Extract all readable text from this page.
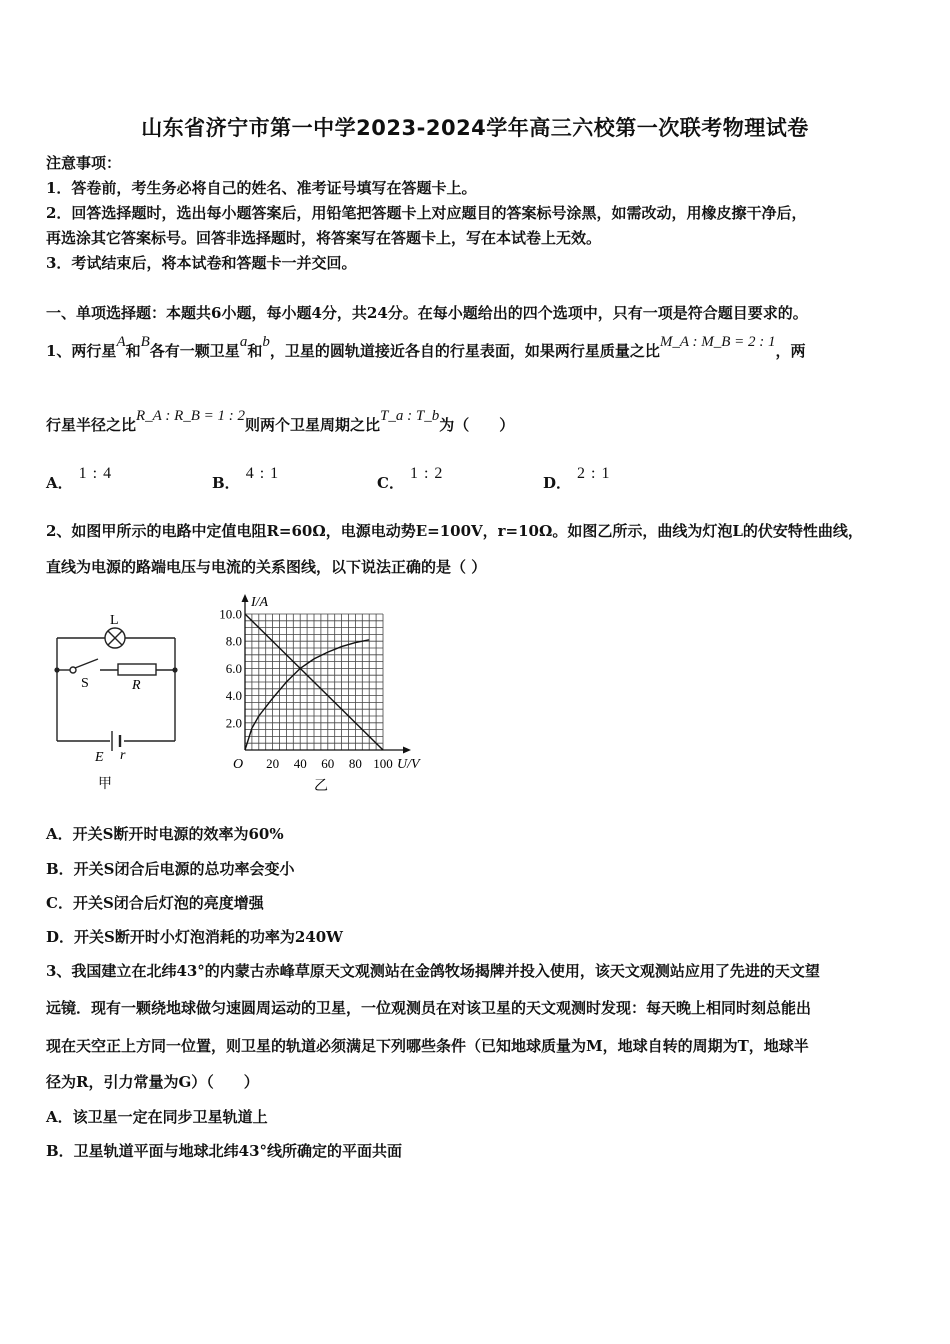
山东省济宁市第一中学2023-2024学年高三六校第一次联考物理试卷
注意事项：
1．答卷前，考生务必将自己的姓名、准考证号填写在答题卡上。
2．回答选择题时，选出每小题答案后，用铅笔把答题卡上对应题目的答案标号涂黑，如需改动，用橡皮擦干净后，
再选涂其它答案标号。回答非选择题时，将答案写在答题卡上，写在本试卷上无效。
3．考试结束后，将本试卷和答题卡一并交回。
一、单项选择题：本题共6小题，每小题4分，共24分。在每小题给出的四个选项中，只有一项是符合题目要求的。
1、两行星A和B各有一颗卫星a和b，卫星的圆轨道接近各自的行星表面，如果两行星质量之比M_A : M_B = 2 : 1，两
行星半径之比R_A : R_B = 1 : 2则两个卫星周期之比T_a : T_b为（　　）
A．1 : 4
B．4 : 1
C．1 : 2
D．2 : 1
2、如图甲所示的电路中定值电阻R=60Ω，电源电动势E=100V，r=10Ω。如图乙所示，曲线为灯泡L的伏安特性曲线，
直线为电源的路端电压与电流的关系图线，以下说法正确的是（ ）
L
S	R
E r
甲
20 40 60 80 100
2.0
4.0
6.0
8.0
10.0
I/A
U/V
O
乙
A．开关S断开时电源的效率为60%
B．开关S闭合后电源的总功率会变小
C．开关S闭合后灯泡的亮度增强
D．开关S断开时小灯泡消耗的功率为240W
3、我国建立在北纬43°的内蒙古赤峰草原天文观测站在金鸽牧场揭牌并投入使用，该天文观测站应用了先进的天文望
远镜．现有一颗绕地球做匀速圆周运动的卫星，一位观测员在对该卫星的天文观测时发现：每天晚上相同时刻总能出
现在天空正上方同一位置，则卫星的轨道必须满足下列哪些条件（已知地球质量为M，地球自转的周期为T，地球半
径为R，引力常量为G）（　　）
A．该卫星一定在同步卫星轨道上
B．卫星轨道平面与地球北纬43°线所确定的平面共面
